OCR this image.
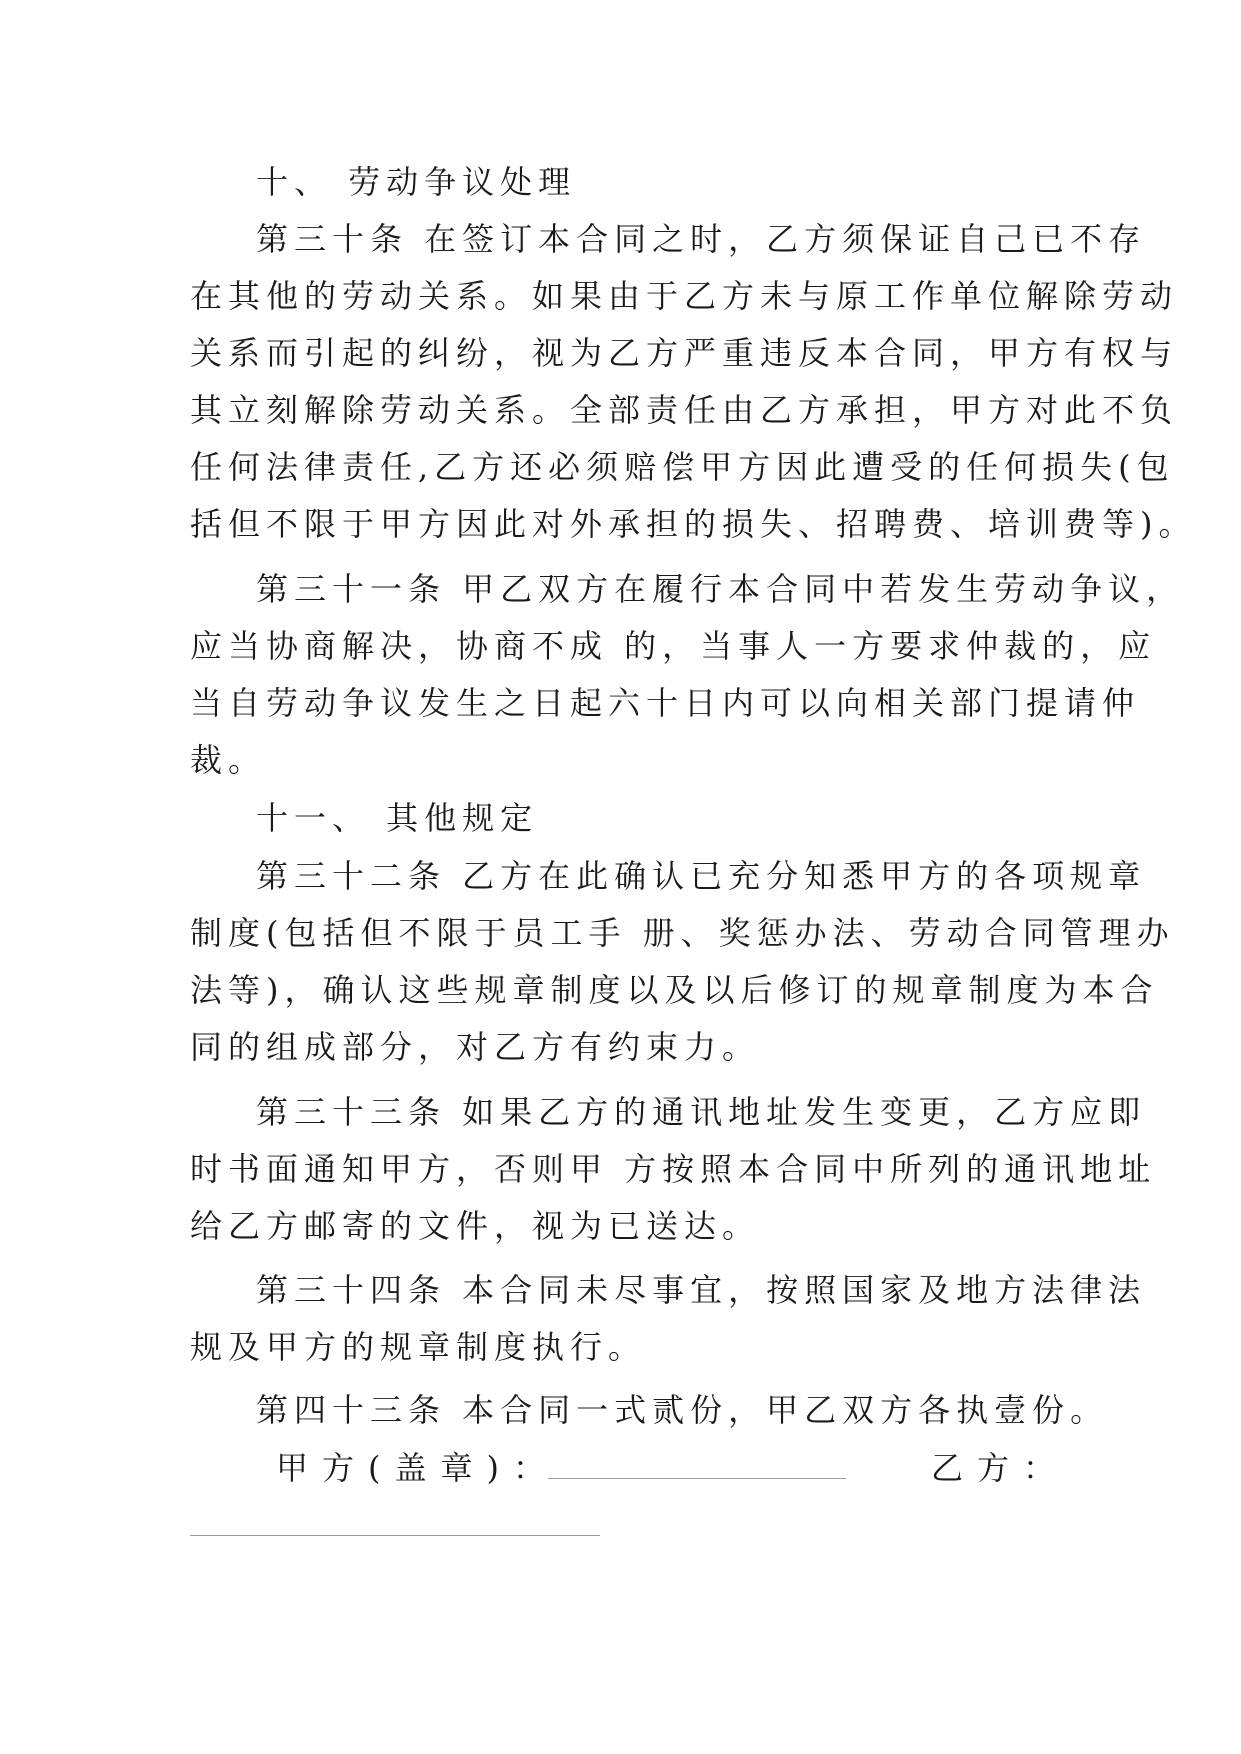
十、 劳动争议处理
第三十条 在签订本合同之时，乙方须保证自己已不存
在其他的劳动关系。如果由于乙方未与原工作单位解除劳动
关系而引起的纠纷，视为乙方严重违反本合同，甲方有权与
其立刻解除劳动关系。全部责任由乙方承担，甲方对此不负
任何法律责任,乙方还必须赔偿甲方因此遭受的任何损失(包
括但不限于甲方因此对外承担的损失、招聘费、培训费等)。
第三十一条 甲乙双方在履行本合同中若发生劳动争议，
应当协商解决，协商不成 的，当事人一方要求仲裁的，应
当自劳动争议发生之日起六十日内可以向相关部门提请仲
裁。
十一、 其他规定
第三十二条 乙方在此确认已充分知悉甲方的各项规章
制度(包括但不限于员工手 册、奖惩办法、劳动合同管理办
法等)，确认这些规章制度以及以后修订的规章制度为本合
同的组成部分，对乙方有约束力。
第三十三条 如果乙方的通讯地址发生变更，乙方应即
时书面通知甲方，否则甲 方按照本合同中所列的通讯地址
给乙方邮寄的文件，视为已送达。
第三十四条 本合同未尽事宜，按照国家及地方法律法
规及甲方的规章制度执行。
第四十三条 本合同一式贰份，甲乙双方各执壹份。
甲方(盖章)：	乙方：
